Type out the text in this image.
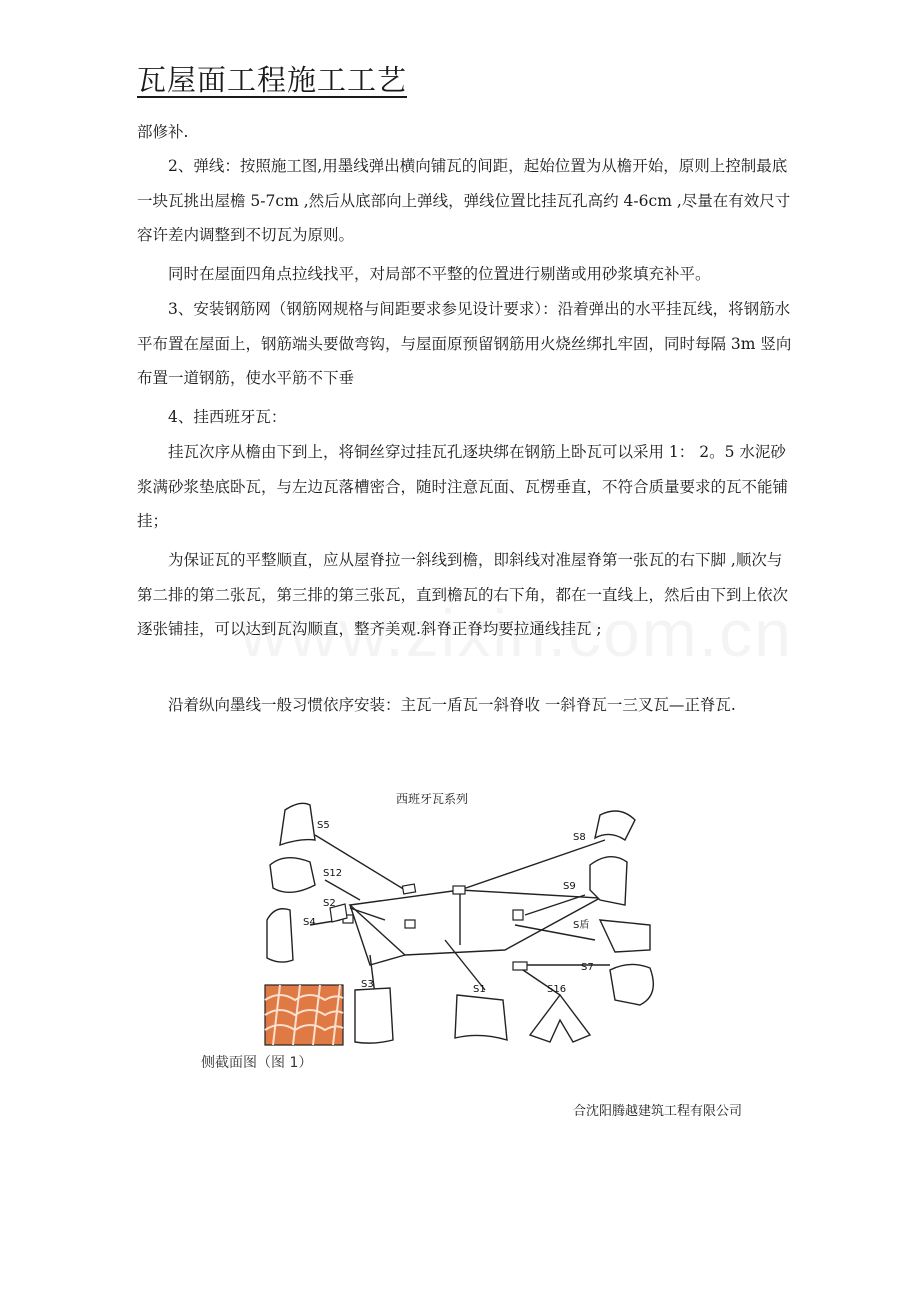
瓦屋面工程施工工艺

部修补.

2、弹线：按照施工图,用墨线弹出横向铺瓦的间距，起始位置为从檐开始，原则上控制最底一块瓦挑出屋檐 5-7cm ,然后从底部向上弹线，弹线位置比挂瓦孔高约 4-6cm ,尽量在有效尺寸容许差内调整到不切瓦为原则。

同时在屋面四角点拉线找平，对局部不平整的位置进行剔凿或用砂浆填充补平。

3、安装钢筋网（钢筋网规格与间距要求参见设计要求）：沿着弹出的水平挂瓦线，将钢筋水平布置在屋面上，钢筋端头要做弯钩，与屋面原预留钢筋用火烧丝绑扎牢固，同时每隔 3m 竖向布置一道钢筋，使水平筋不下垂

4、挂西班牙瓦：

挂瓦次序从檐由下到上，将铜丝穿过挂瓦孔逐块绑在钢筋上卧瓦可以采用 1： 2。5 水泥砂浆满砂浆垫底卧瓦，与左边瓦落槽密合，随时注意瓦面、瓦楞垂直，不符合质量要求的瓦不能铺挂；

为保证瓦的平整顺直，应从屋脊拉一斜线到檐，即斜线对准屋脊第一张瓦的右下脚 ,顺次与第二排的第二张瓦，第三排的第三张瓦，直到檐瓦的右下角，都在一直线上，然后由下到上依次逐张铺挂，可以达到瓦沟顺直，整齐美观.斜脊正脊均要拉通线挂瓦 ;

沿着纵向墨线一般习惯依序安装：主瓦一盾瓦一斜脊收 一斜脊瓦一三叉瓦—正脊瓦.

西班牙瓦系列
S5
S8
S12
S9
S2
S4	S盾
S7
S3	S1	S16
侧截面图（图 1）
合沈阳腾越建筑工程有限公司
